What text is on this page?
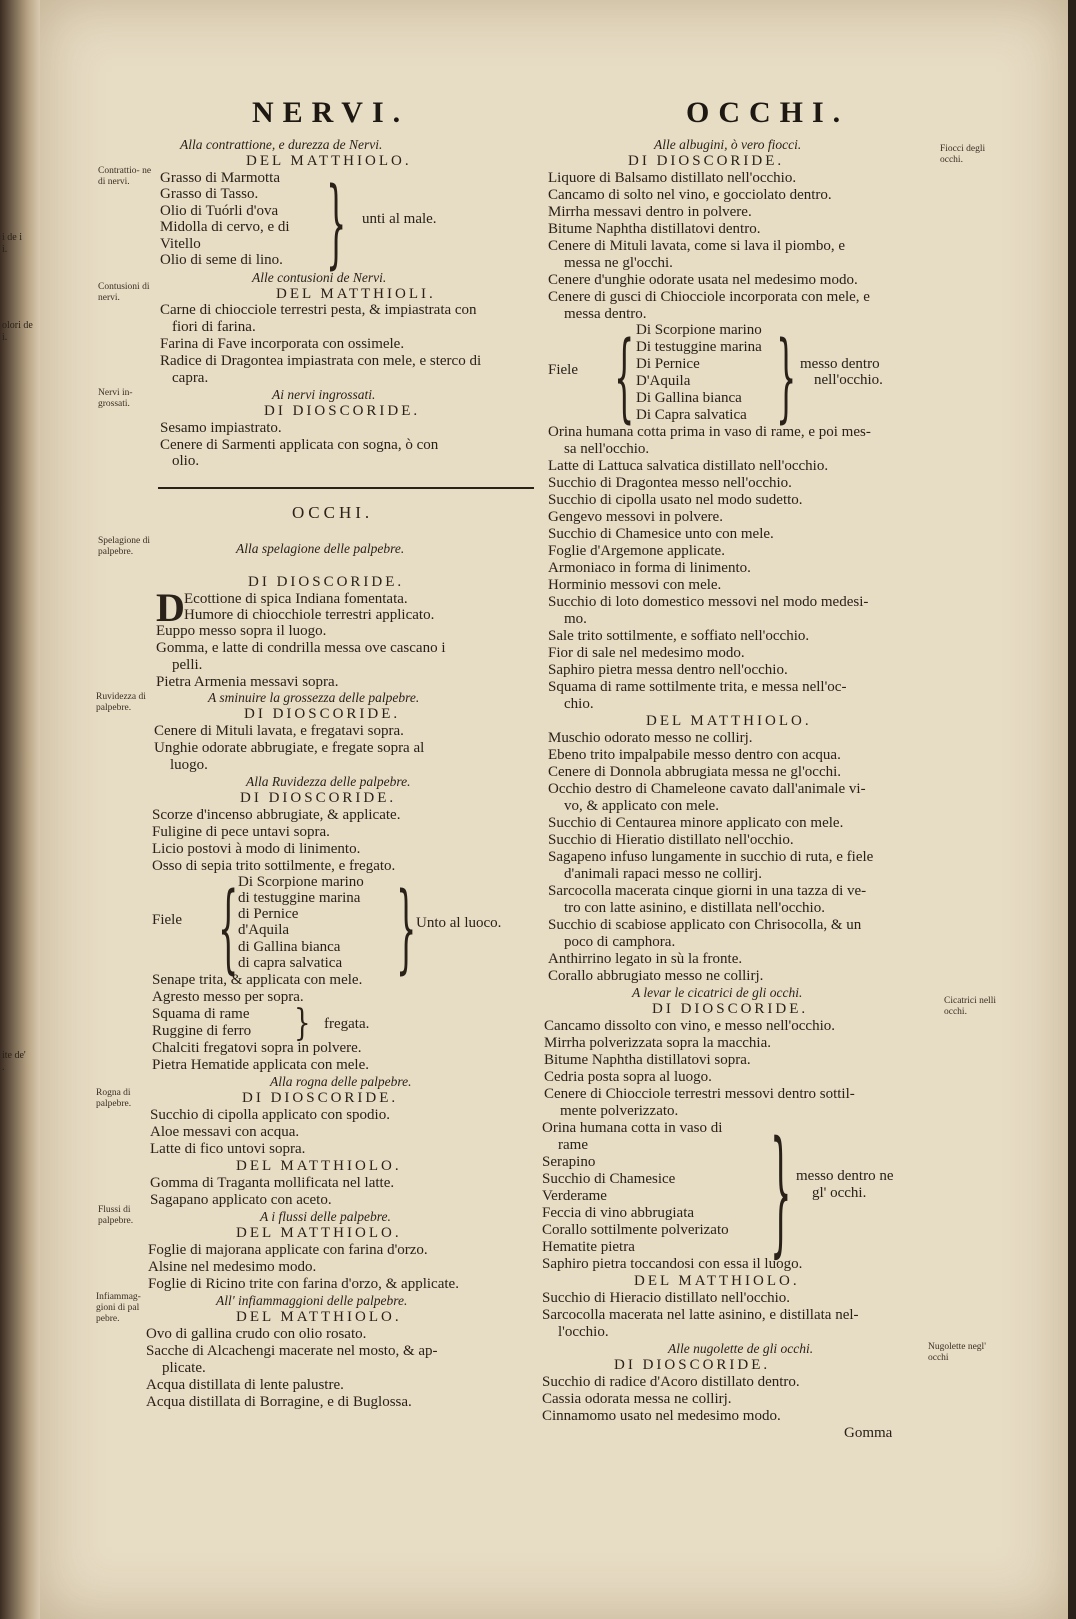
i de i
i.
olori de
i.
ite de'
.
NERVI.
Alla contrattione, e durezza de Nervi.
DEL MATTHIOLO.
Contrattio- ne di nervi.	Grasso di Marmotta
Grasso di Tasso.
Olio di Tuórli d'ova
Midolla di cervo, e di
Vitello
Olio di seme di lino. } unti al male.
Alle contusioni de Nervi.
Contusioni di nervi.	DEL MATTHIOLI.
Carne di chiocciole terrestri pesta, & impiastrata con
fiori di farina.
Farina di Fave incorporata con ossimele.
Radice di Dragontea impiastrata con mele, e sterco di
capra.
Ai nervi ingrossati.
Nervi in- grossati.	DI DIOSCORIDE.
Sesamo impiastrato.
Cenere di Sarmenti applicata con sogna, ò con
olio.
OCCHI.
Spelagione di palpebre.	Alla spelagione delle palpebre.
DI DIOSCORIDE.
D Ecottione di spica Indiana fomentata.
Humore di chiocchiole terrestri applicato.
Euppo messo sopra il luogo.
Gomma, e latte di condrilla messa ove cascano i
pelli.
Pietra Armenia messavi sopra.
Ruvidezza di palpebre.
A sminuire la grossezza delle palpebre.
DI DIOSCORIDE.
Cenere di Mituli lavata, e fregatavi sopra.
Unghie odorate abbrugiate, e fregate sopra al
luogo.
Alla Ruvidezza delle palpebre.
DI DIOSCORIDE.
Scorze d'incenso abbrugiate, & applicate.
Fuligine di pece untavi sopra.
Licio postovi à modo di linimento.
Osso di sepia trito sottilmente, e fregato.
Fiele { Di Scorpione marino
di testuggine marina
di Pernice
d'Aquila
di Gallina bianca
di capra salvatica } Unto al luoco.
Senape trita, & applicata con mele.
Agresto messo per sopra.
Squama di rame
Ruggine di ferro } fregata.
Chalciti fregatovi sopra in polvere.
Pietra Hematide applicata con mele.
Alla rogna delle palpebre.
Rogna di palpebre.	DI DIOSCORIDE.
Succhio di cipolla applicato con spodio.
Aloe messavi con acqua.
Latte di fico untovi sopra.
DEL MATTHIOLO.
Gomma di Traganta mollificata nel latte.
Sagapano applicato con aceto.
Flussi di palpebre.	A i flussi delle palpebre.
DEL MATTHIOLO.
Foglie di majorana applicate con farina d'orzo.
Alsine nel medesimo modo.
Foglie di Ricino trite con farina d'orzo, & applicate.
Infiammag- gioni di pal pebre.
All' infiammaggioni delle palpebre.
DEL MATTHIOLO.
Ovo di gallina crudo con olio rosato.
Sacche di Alcachengi macerate nel mosto, & ap-
plicate.
Acqua distillata di lente palustre.
Acqua distillata di Borragine, e di Buglossa.
OCCHI.
Fiocci degli occhi.
Alle albugini, ò vero fiocci.
DI DIOSCORIDE.
Liquore di Balsamo distillato nell'occhio.
Cancamo di solto nel vino, e gocciolato dentro.
Mirrha messavi dentro in polvere.
Bitume Naphtha distillatovi dentro.
Cenere di Mituli lavata, come si lava il piombo, e
messa ne gl'occhi.
Cenere d'unghie odorate usata nel medesimo modo.
Cenere di gusci di Chiocciole incorporata con mele, e
messa dentro.
Fiele { Di Scorpione marino
Di testuggine marina
Di Pernice
D'Aquila
Di Gallina bianca
Di Capra salvatica } messo dentro
nell'occhio.
Orina humana cotta prima in vaso di rame, e poi mes-
sa nell'occhio.
Latte di Lattuca salvatica distillato nell'occhio.
Succhio di Dragontea messo nell'occhio.
Succhio di cipolla usato nel modo sudetto.
Gengevo messovi in polvere.
Succhio di Chamesice unto con mele.
Foglie d'Argemone applicate.
Armoniaco in forma di linimento.
Horminio messovi con mele.
Succhio di loto domestico messovi nel modo medesi-
mo.
Sale trito sottilmente, e soffiato nell'occhio.
Fior di sale nel medesimo modo.
Saphiro pietra messa dentro nell'occhio.
Squama di rame sottilmente trita, e messa nell'oc-
chio.
DEL MATTHIOLO.
Muschio odorato messo ne collirj.
Ebeno trito impalpabile messo dentro con acqua.
Cenere di Donnola abbrugiata messa ne gl'occhi.
Occhio destro di Chameleone cavato dall'animale vi-
vo, & applicato con mele.
Succhio di Centaurea minore applicato con mele.
Succhio di Hieratio distillato nell'occhio.
Sagapeno infuso lungamente in succhio di ruta, e fiele
d'animali rapaci messo ne collirj.
Sarcocolla macerata cinque giorni in una tazza di ve-
tro con latte asinino, e distillata nell'occhio.
Succhio di scabiose applicato con Chrisocolla, & un
poco di camphora.
Anthirrino legato in sù la fronte.
Corallo abbrugiato messo ne collirj.
A levar le cicatrici de gli occhi.
Cicatrici nelli occhi.
DI DIOSCORIDE.
Cancamo dissolto con vino, e messo nell'occhio.
Mirrha polverizzata sopra la macchia.
Bitume Naphtha distillatovi sopra.
Cedria posta sopra al luogo.
Cenere di Chiocciole terrestri messovi dentro sottil-
mente polverizzato.
Orina humana cotta in vaso di
rame
Serapino
Succhio di Chamesice
Verderame
Feccia di vino abbrugiata
Corallo sottilmente polverizato
Hematite pietra	} messo dentro ne
gl' occhi.
Saphiro pietra toccandosi con essa il luogo.
DEL MATTHIOLO.
Succhio di Hieracio distillato nell'occhio.
Sarcocolla macerata nel latte asinino, e distillata nel-
l'occhio.
Alle nugolette de gli occhi.	Nugolette negl' occhi
DI DIOSCORIDE.
Succhio di radice d'Acoro distillato dentro.
Cassia odorata messa ne collirj.
Cinnamomo usato nel medesimo modo.
Gomma
